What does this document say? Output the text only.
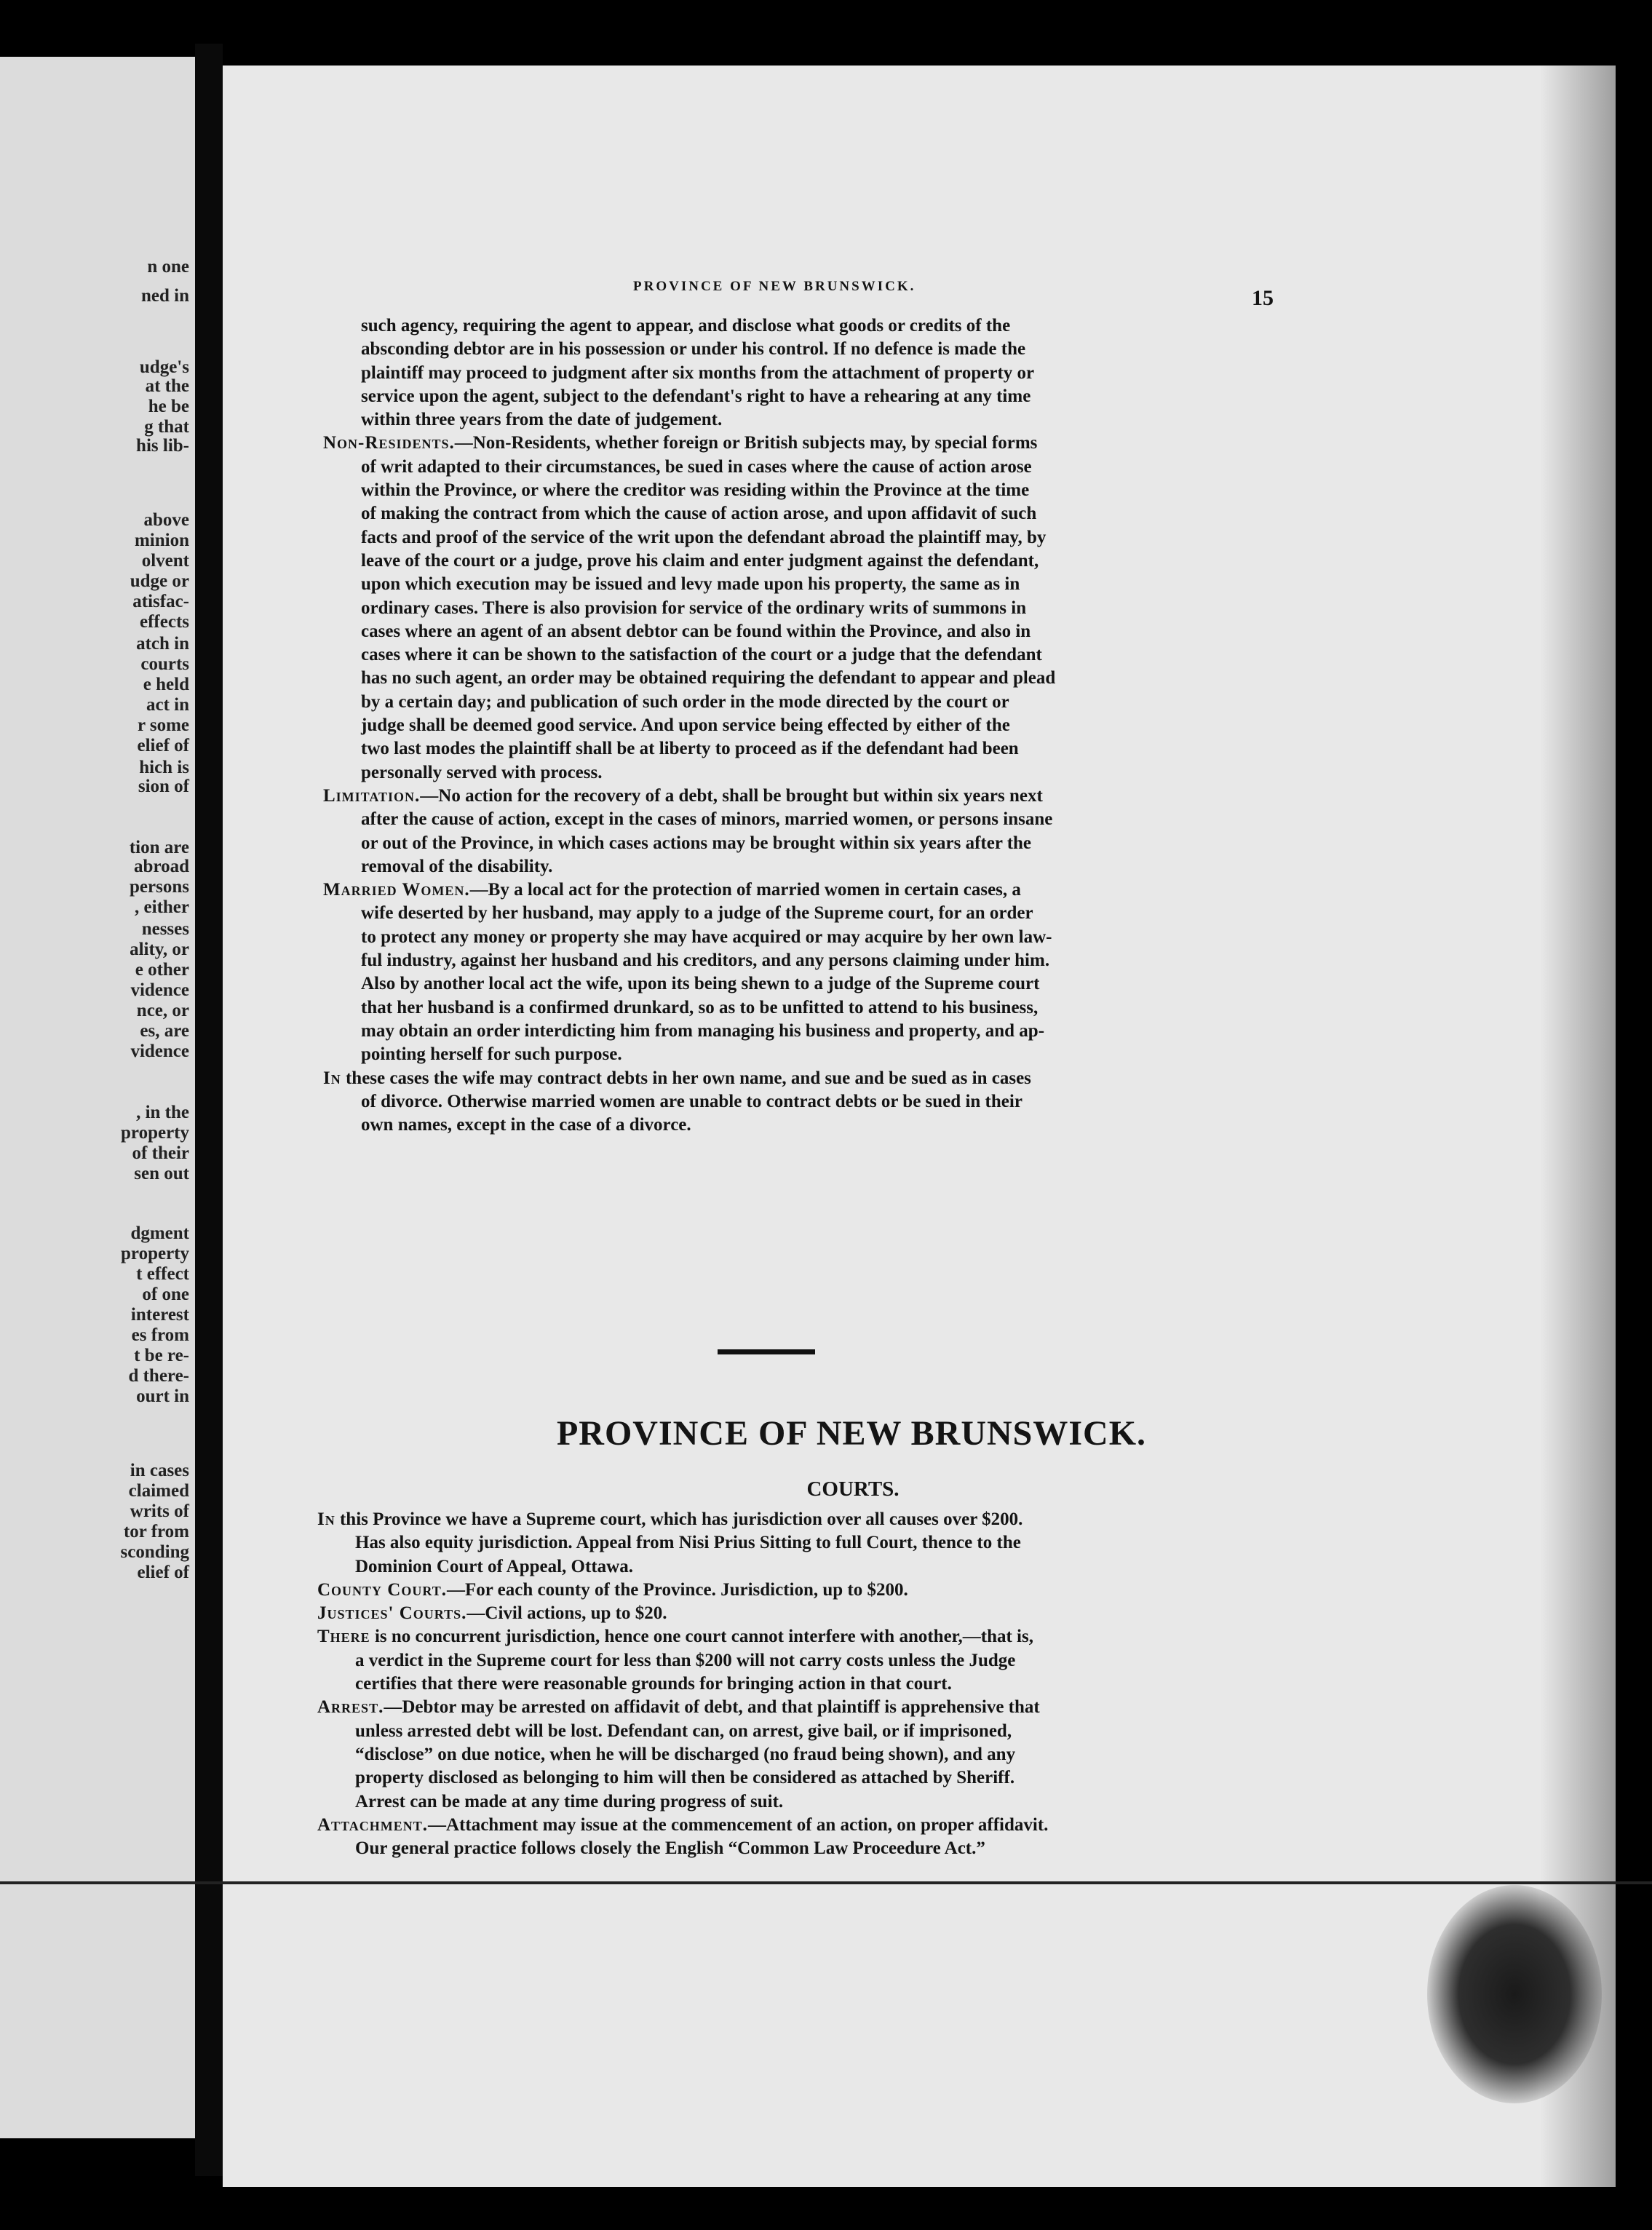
n one
ned in
udge's
at the
he be
g that
his lib-
above
minion
olvent
udge or
atisfac-
effects
atch in
courts
e held
act in
r some
elief of
hich is
sion of
tion are
abroad
persons
, either
nesses
ality, or
e other
vidence
nce, or
es, are
vidence
, in the
property
of their
sen out
dgment
property
t effect
of one
interest
es from
t be re-
d there-
ourt in
in cases
claimed
writs of
tor from
sconding
elief of
PROVINCE OF NEW BRUNSWICK.	15
such agency, requiring the agent to appear, and disclose what goods or credits of the
absconding debtor are in his possession or under his control. If no defence is made the
plaintiff may proceed to judgment after six months from the attachment of property or
service upon the agent, subject to the defendant's right to have a rehearing at any time
within three years from the date of judgement.
Non-Residents.—Non-Residents, whether foreign or British subjects may, by special forms
of writ adapted to their circumstances, be sued in cases where the cause of action arose
within the Province, or where the creditor was residing within the Province at the time
of making the contract from which the cause of action arose, and upon affidavit of such
facts and proof of the service of the writ upon the defendant abroad the plaintiff may, by
leave of the court or a judge, prove his claim and enter judgment against the defendant,
upon which execution may be issued and levy made upon his property, the same as in
ordinary cases. There is also provision for service of the ordinary writs of summons in
cases where an agent of an absent debtor can be found within the Province, and also in
cases where it can be shown to the satisfaction of the court or a judge that the defendant
has no such agent, an order may be obtained requiring the defendant to appear and plead
by a certain day; and publication of such order in the mode directed by the court or
judge shall be deemed good service. And upon service being effected by either of the
two last modes the plaintiff shall be at liberty to proceed as if the defendant had been
personally served with process.
Limitation.—No action for the recovery of a debt, shall be brought but within six years next
after the cause of action, except in the cases of minors, married women, or persons insane
or out of the Province, in which cases actions may be brought within six years after the
removal of the disability.
Married Women.—By a local act for the protection of married women in certain cases, a
wife deserted by her husband, may apply to a judge of the Supreme court, for an order
to protect any money or property she may have acquired or may acquire by her own law-
ful industry, against her husband and his creditors, and any persons claiming under him.
Also by another local act the wife, upon its being shewn to a judge of the Supreme court
that her husband is a confirmed drunkard, so as to be unfitted to attend to his business,
may obtain an order interdicting him from managing his business and property, and ap-
pointing herself for such purpose.
In these cases the wife may contract debts in her own name, and sue and be sued as in cases
of divorce. Otherwise married women are unable to contract debts or be sued in their
own names, except in the case of a divorce.
PROVINCE OF NEW BRUNSWICK.
COURTS.
In this Province we have a Supreme court, which has jurisdiction over all causes over $200.
Has also equity jurisdiction. Appeal from Nisi Prius Sitting to full Court, thence to the
Dominion Court of Appeal, Ottawa.
County Court.—For each county of the Province. Jurisdiction, up to $200.
Justices' Courts.—Civil actions, up to $20.
There is no concurrent jurisdiction, hence one court cannot interfere with another,—that is,
a verdict in the Supreme court for less than $200 will not carry costs unless the Judge
certifies that there were reasonable grounds for bringing action in that court.
Arrest.—Debtor may be arrested on affidavit of debt, and that plaintiff is apprehensive that
unless arrested debt will be lost. Defendant can, on arrest, give bail, or if imprisoned,
“disclose” on due notice, when he will be discharged (no fraud being shown), and any
property disclosed as belonging to him will then be considered as attached by Sheriff.
Arrest can be made at any time during progress of suit.
Attachment.—Attachment may issue at the commencement of an action, on proper affidavit.
Our general practice follows closely the English “Common Law Proceedure Act.”
